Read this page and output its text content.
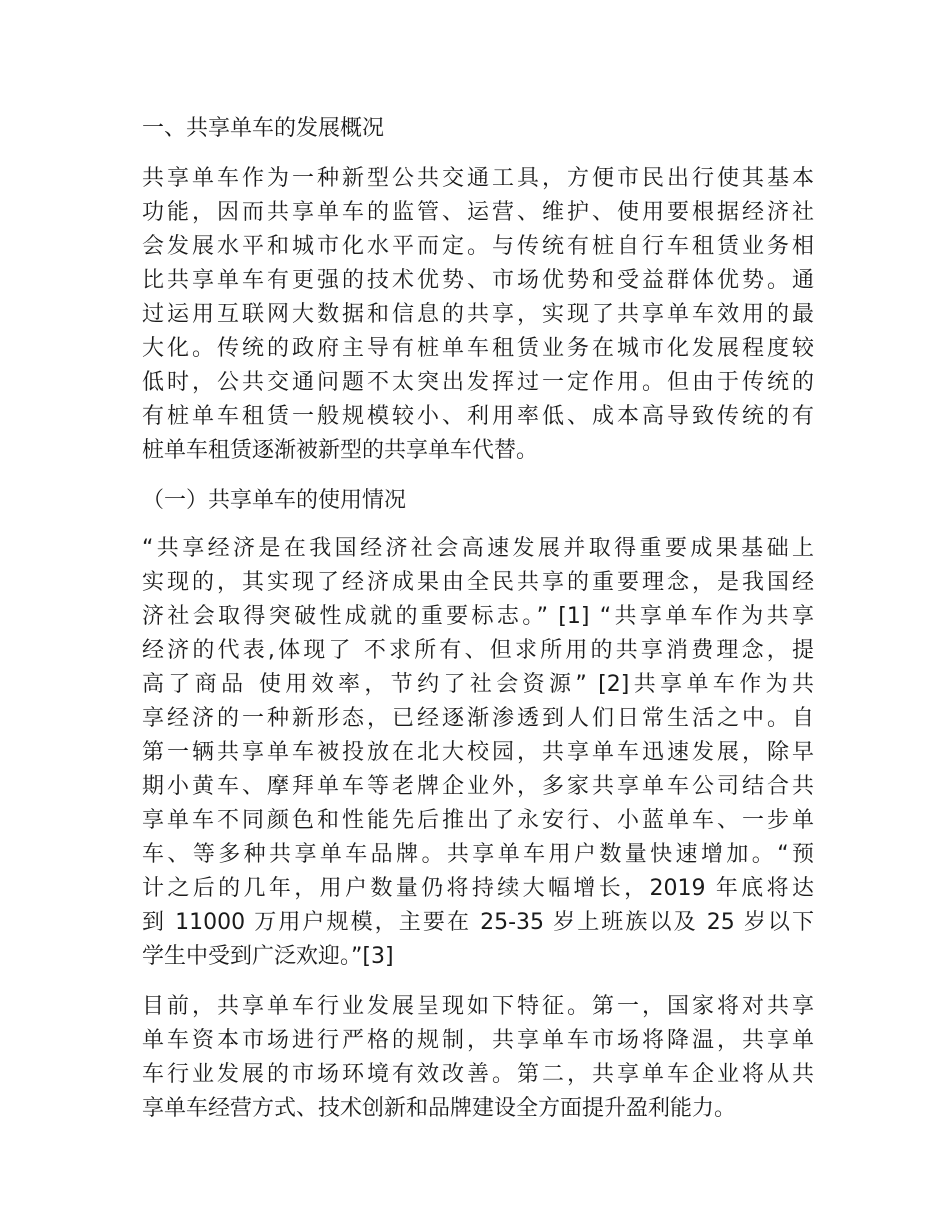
一、共享单车的发展概况
共享单车作为一种新型公共交通工具，方便市民出行使其基本
功能，因而共享单车的监管、运营、维护、使用要根据经济社
会发展水平和城市化水平而定。与传统有桩自行车租赁业务相
比共享单车有更强的技术优势、市场优势和受益群体优势。通
过运用互联网大数据和信息的共享，实现了共享单车效用的最
大化。传统的政府主导有桩单车租赁业务在城市化发展程度较
低时，公共交通问题不太突出发挥过一定作用。但由于传统的
有桩单车租赁一般规模较小、利用率低、成本高导致传统的有
桩单车租赁逐渐被新型的共享单车代替。
（一）共享单车的使用情况
“共享经济是在我国经济社会高速发展并取得重要成果基础上
实现的，其实现了经济成果由全民共享的重要理念，是我国经
济社会取得突破性成就的重要标志。” [1] “共享单车作为共享
经济的代表,体现了 不求所有、但求所用的共享消费理念，提
高了商品 使用效率，节约了社会资源” [2]共享单车作为共
享经济的一种新形态，已经逐渐渗透到人们日常生活之中。自
第一辆共享单车被投放在北大校园，共享单车迅速发展，除早
期小黄车、摩拜单车等老牌企业外，多家共享单车公司结合共
享单车不同颜色和性能先后推出了永安行、小蓝单车、一步单
车、等多种共享单车品牌。共享单车用户数量快速增加。“预
计之后的几年，用户数量仍将持续大幅增长，2019 年底将达
到 11000 万用户规模，主要在 25-35 岁上班族以及 25 岁以下
学生中受到广泛欢迎。”[3]
目前，共享单车行业发展呈现如下特征。第一，国家将对共享
单车资本市场进行严格的规制，共享单车市场将降温，共享单
车行业发展的市场环境有效改善。第二，共享单车企业将从共
享单车经营方式、技术创新和品牌建设全方面提升盈利能力。
